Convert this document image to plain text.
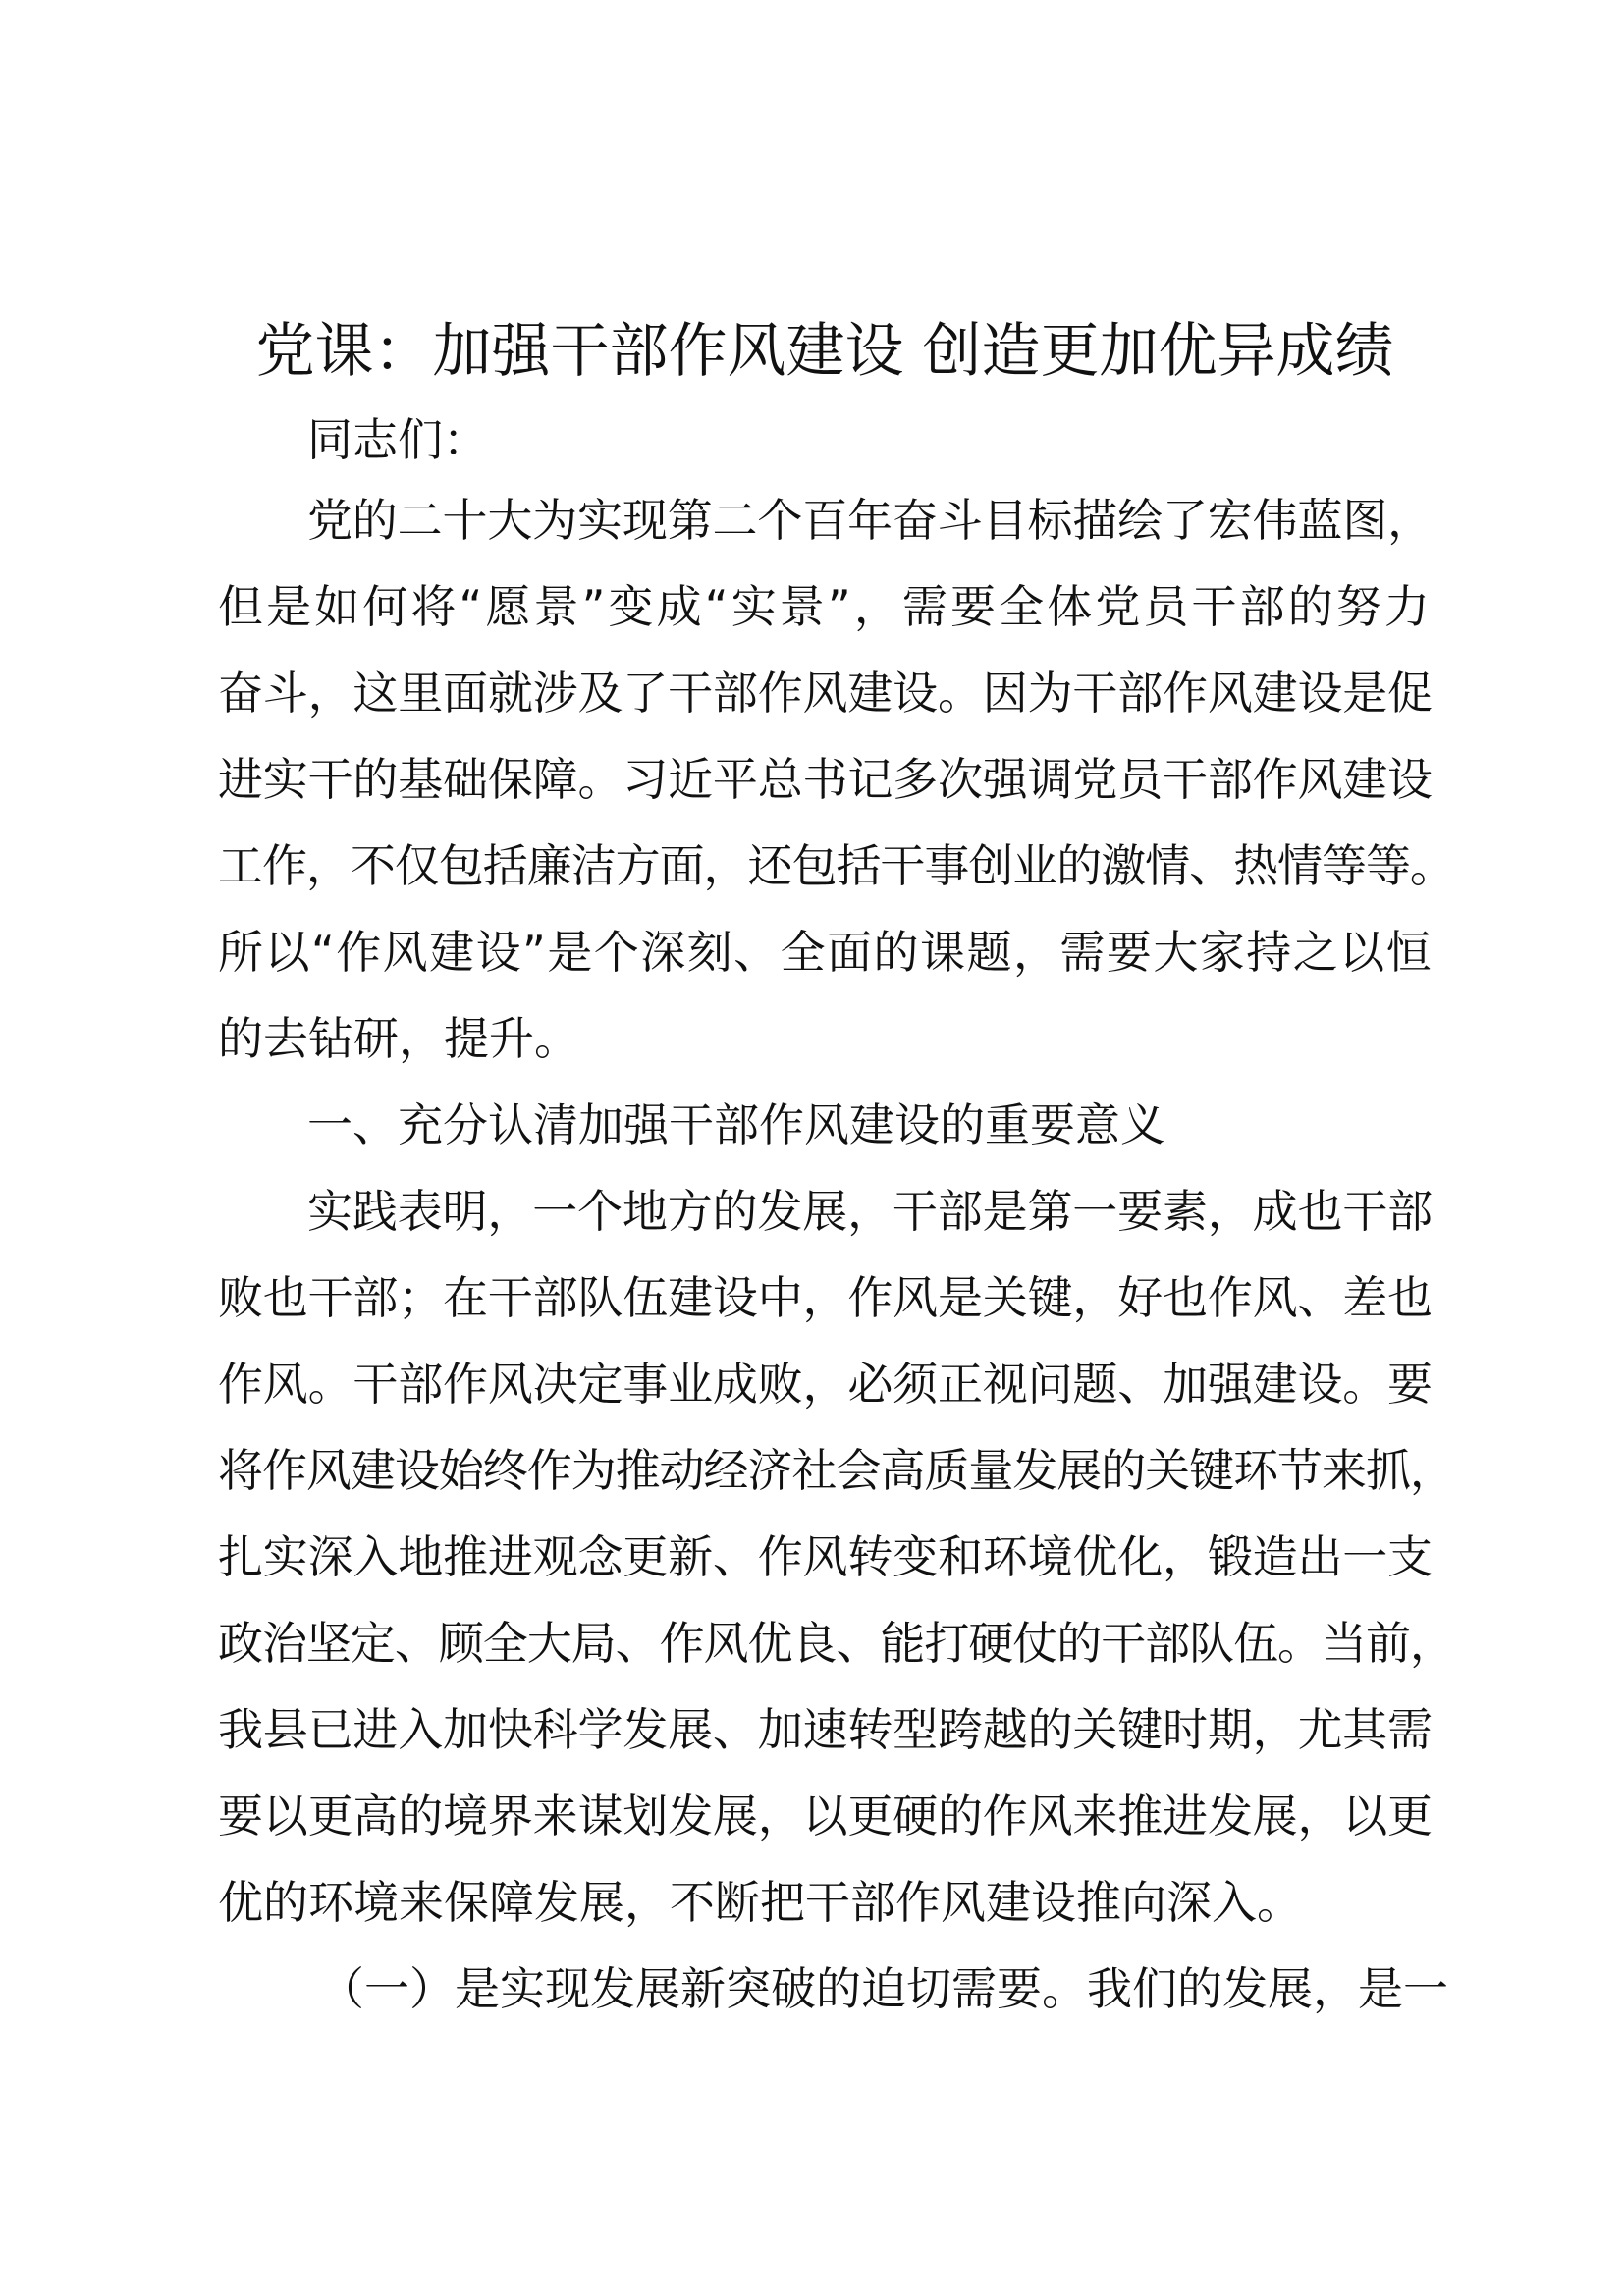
党课：加强干部作风建设 创造更加优异成绩
同志们：
党的二十大为实现第二个百年奋斗目标描绘了宏伟蓝图，
但是如何将“愿景”变成“实景”，需要全体党员干部的努力
奋斗，这里面就涉及了干部作风建设。因为干部作风建设是促
进实干的基础保障。习近平总书记多次强调党员干部作风建设
工作，不仅包括廉洁方面，还包括干事创业的激情、热情等等。
所以“作风建设”是个深刻、全面的课题，需要大家持之以恒
的去钻研，提升。
一、充分认清加强干部作风建设的重要意义
实践表明，一个地方的发展，干部是第一要素，成也干部
败也干部；在干部队伍建设中，作风是关键，好也作风、差也
作风。干部作风决定事业成败，必须正视问题、加强建设。要
将作风建设始终作为推动经济社会高质量发展的关键环节来抓，
扎实深入地推进观念更新、作风转变和环境优化，锻造出一支
政治坚定、顾全大局、作风优良、能打硬仗的干部队伍。当前，
我县已进入加快科学发展、加速转型跨越的关键时期，尤其需
要以更高的境界来谋划发展，以更硬的作风来推进发展，以更
优的环境来保障发展，不断把干部作风建设推向深入。
（一）是实现发展新突破的迫切需要。我们的发展，是一
